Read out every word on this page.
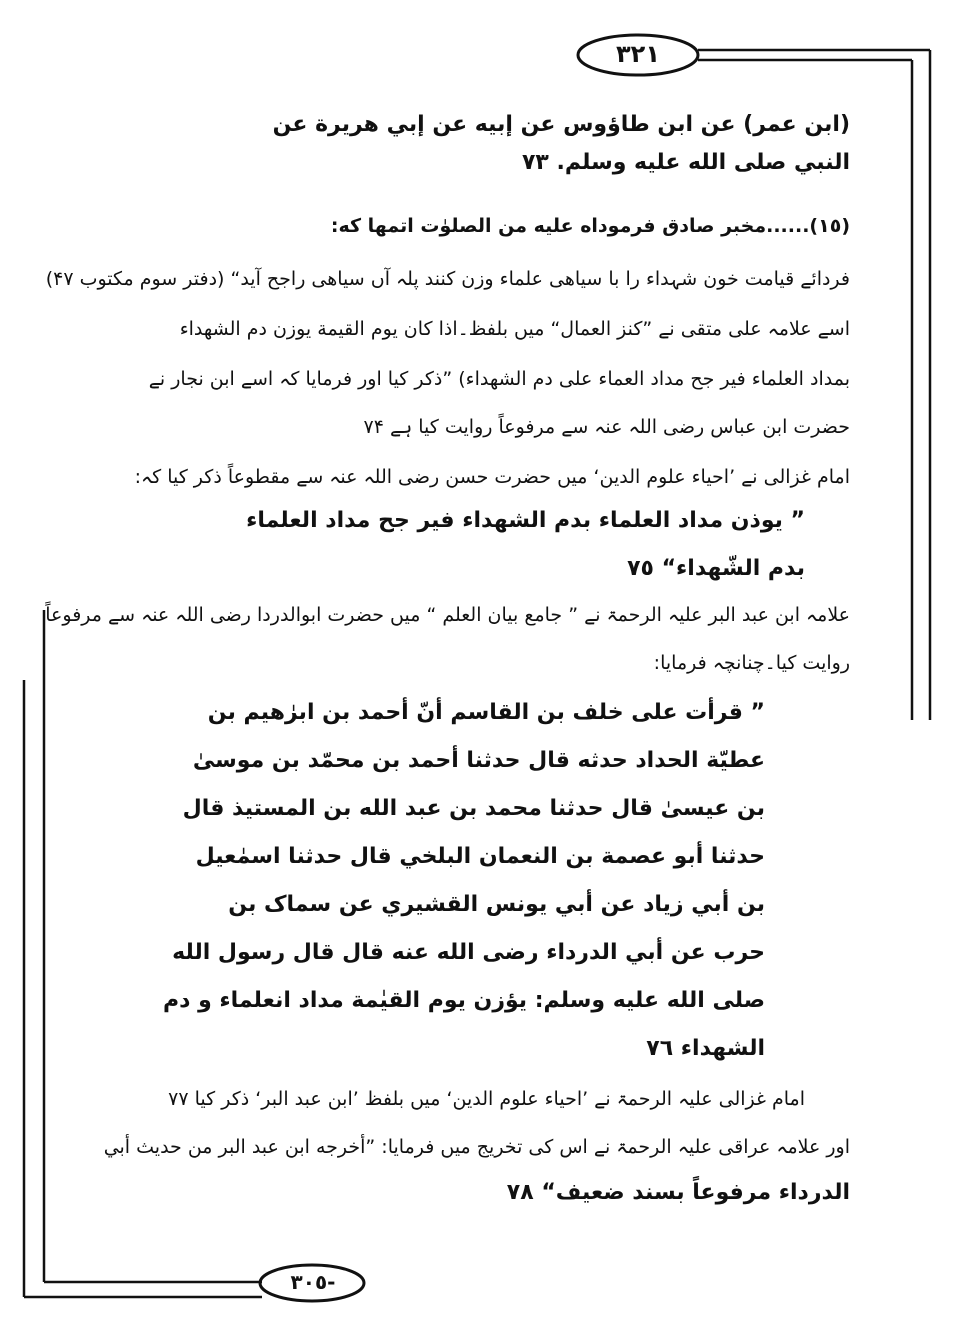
٣٢١
٣٠٥-
(ابن عمر) عن ابن طاؤوس عن إبيه عن إبي هريرة عن
النبي صلى الله عليه وسلم. ٧٣
(١٥)......مخبر صادق فرموداه علیه من الصلوٰت اتمھا که:
فردائے قیامت خون شہداء را با سیاھی علماء وزن کنند پلہ آں سیاھی راجح آید“ (دفتر سوم مکتوب ۴۷)
اسے علامہ علی متقی نے ”کنز العمال“ میں بلفظ۔اذا کان یوم القیمة یوزن دم الشهداء
بمداد العلماء فیر جح مداد العماء علی دم الشهداء) ”ذکر کیا اور فرمایا کہ اسے ابن نجار نے
حضرت ابن عباس رضی اللہ عنہ سے مرفوعاً روایت کیا ہے ۷۴
امام غزالی نے ’احیاء علوم الدین‘ میں حضرت حسن رضی اللہ عنہ سے مقطوعاً ذکر کیا کہ:
” یوذن مداد العلماء بدم الشهداء فیر جح مداد العلماء
بدم الشّهداء“ ٧٥
علامہ ابن عبد البر علیہ الرحمۃ نے ” جامع بیان العلم “ میں حضرت ابوالدردا رضی اللہ عنہ سے مرفوعاً
روایت کیا۔چنانچہ فرمایا:
” قرأت على خلف بن القاسم أنّ أحمد بن ابرٰهيم بن
عطيّة الحداد حدثه قال حدثنا أحمد بن محمّد بن موسىٰ
بن عيسىٰ قال حدثنا محمد بن عبد الله بن المستيذ قال
حدثنا أبو عصمة بن النعمان البلخي قال حدثنا اسمٰعيل
بن أبي زياد عن أبي يونس القشيري عن سماک بن
حرب عن أبي الدرداء رضى الله عنه قال قال رسول الله
صلى الله عليه وسلم: يؤزن يوم القيٰمة مداد انعلماء و دم
الشهداء ٧٦
امام غزالی علیہ الرحمۃ نے ’احیاء علوم الدین‘ میں بلفظ ’ابن عبد البر‘ ذکر کیا ۷۷
اور علامہ عراقی علیہ الرحمۃ نے اس کی تخریج میں فرمایا: ”أخرجه ابن عبد البر من حديث أبي
الدرداء مرفوعاً بسند ضعيف“ ٧٨
